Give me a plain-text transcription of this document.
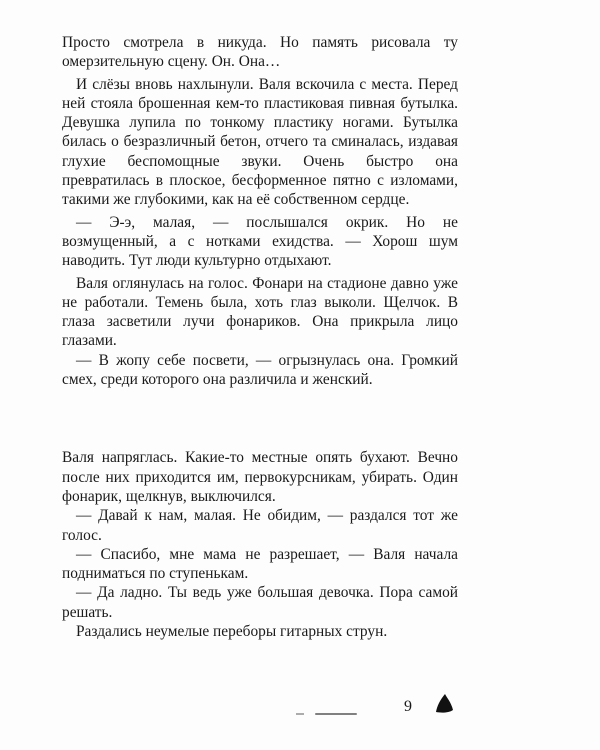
Просто смотрела в никуда. Но память рисовала ту омерзительную сцену. Он. Она…

И слёзы вновь нахлынули. Валя вскочила с места. Перед ней стояла брошенная кем-то пластиковая пивная бутылка. Девушка лупила по тонкому пластику ногами. Бутылка билась о безразличный бетон, отчего та сминалась, издавая глухие беспомощные звуки. Очень быстро она превратилась в плоское, бесформенное пятно с изломами, такими же глубокими, как на её собственном сердце.

— Э-э, малая, — послышался окрик. Но не возмущенный, а с нотками ехидства. — Хорош шум наводить. Тут люди культурно отдыхают.

Валя оглянулась на голос. Фонари на стадионе давно уже не работали. Темень была, хоть глаз выколи. Щелчок. В глаза засветили лучи фонариков. Она прикрыла лицо глазами.

— В жопу себе посвети, — огрызнулась она. Громкий смех, среди которого она различила и женский.

Валя напряглась. Какие-то местные опять бухают. Вечно после них приходится им, первокурсникам, убирать. Один фонарик, щелкнув, выключился.

— Давай к нам, малая. Не обидим, — раздался тот же голос.

— Спасибо, мне мама не разрешает, — Валя начала подниматься по ступенькам.

— Да ладно. Ты ведь уже большая девочка. Пора самой решать.

Раздались неумелые переборы гитарных струн.

9
